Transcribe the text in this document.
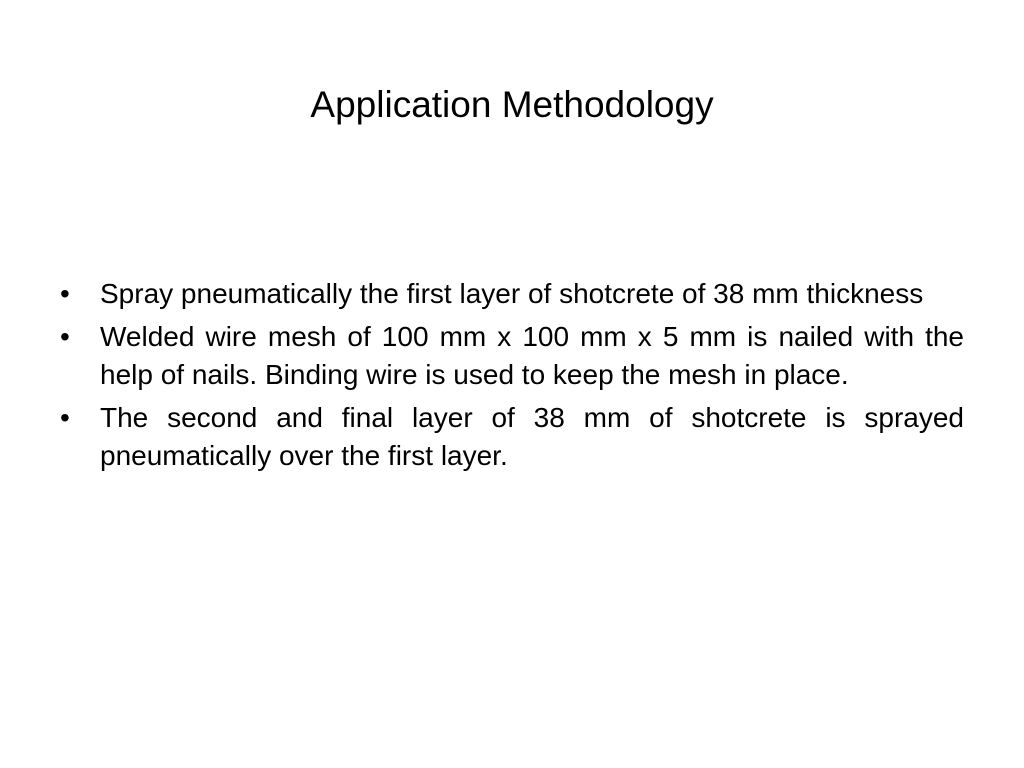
Application Methodology
•	Spray pneumatically the first layer of shotcrete of 38 mm thickness
•	Welded wire mesh of 100 mm x 100 mm x 5 mm is nailed with the help of nails. Binding wire is used to keep the mesh in place.
•	The second and final layer of 38 mm of shotcrete is sprayed pneumatically over the first layer.
